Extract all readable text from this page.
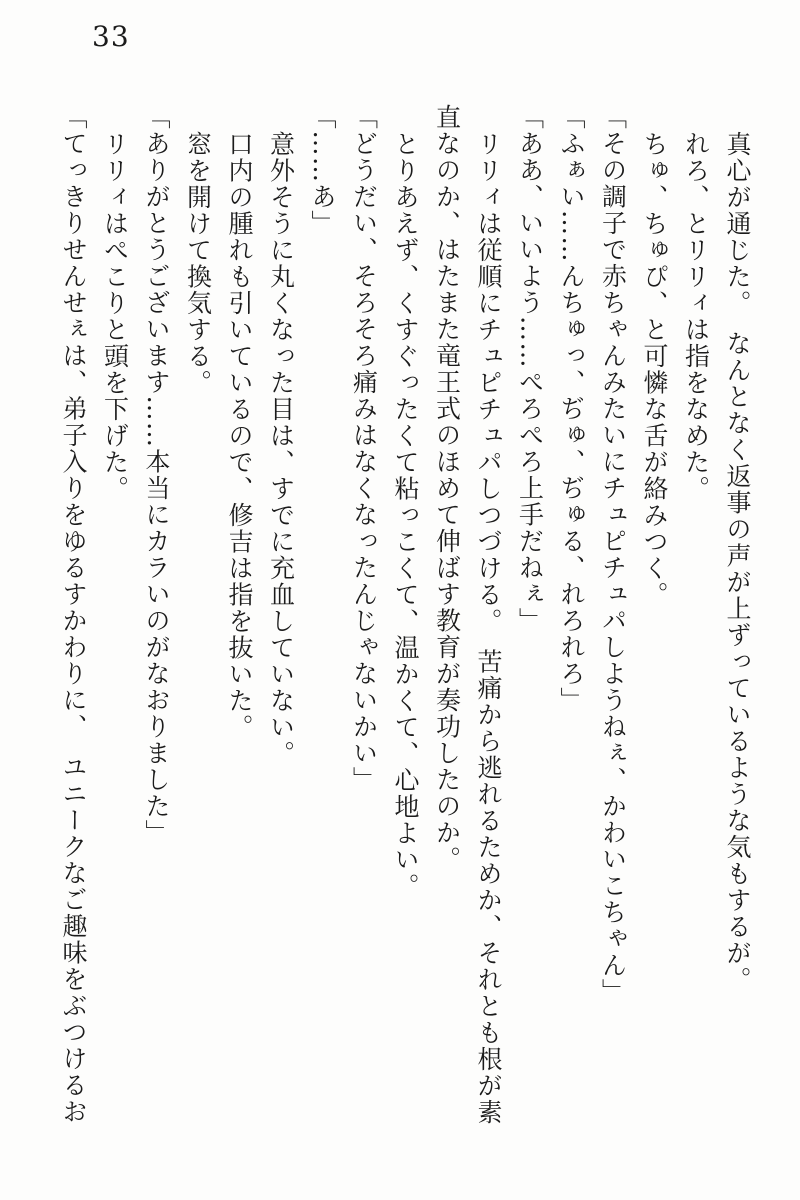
33
真心が通じた。　なんとなく返事の声が上ずっているような気もするが。
れろ、とリリィは指をなめた。
ちゅ、ちゅぴ、と可憐な舌が絡みつく。
「その調子で赤ちゃんみたいにチュピチュパしようねぇ、かわいこちゃん」
「ふぁい……んちゅっ、ぢゅ、ぢゅる、れろれろ」
「ああ、いいよう……ぺろぺろ上手だねぇ」
リリィは従順にチュピチュパしつづける。　苦痛から逃れるためか、それとも根が素
直なのか、はたまた竜王式のほめて伸ばす教育が奏功したのか。
とりあえず、くすぐったくて粘っこくて、温かくて、心地よい。
「どうだい、そろそろ痛みはなくなったんじゃないかい」
「……あ」
意外そうに丸くなった目は、すでに充血していない。
口内の腫れも引いているので、修吉は指を抜いた。
窓を開けて換気する。
「ありがとうございます……本当にカラいのがなおりました」
リリィはぺこりと頭を下げた。
「てっきりせんせぇは、弟子入りをゆるすかわりに、　ユニークなご趣味をぶつけるお
